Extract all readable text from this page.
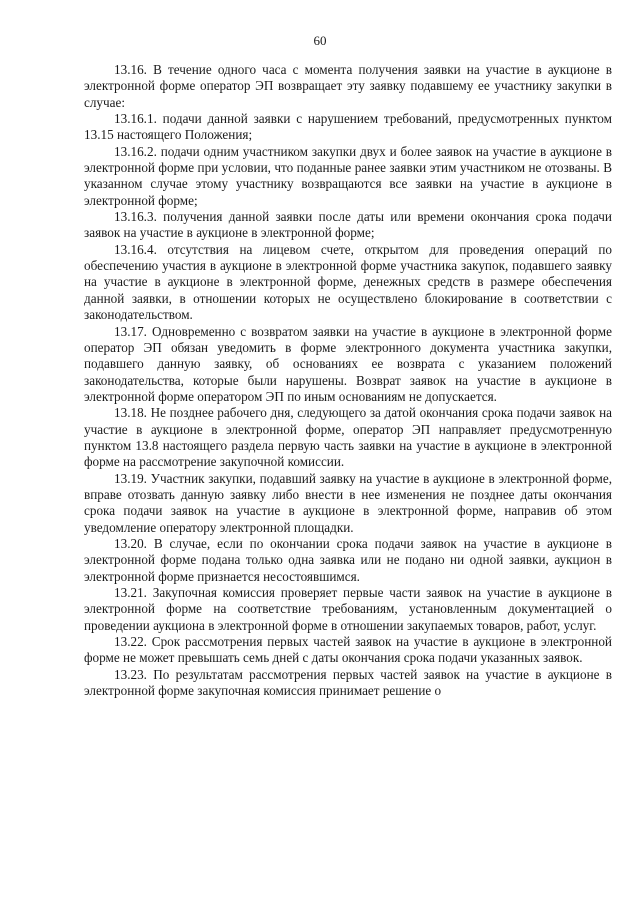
60

13.16. В течение одного часа с момента получения заявки на участие в аукционе в электронной форме оператор ЭП возвращает эту заявку подавшему ее участнику закупки в случае:

13.16.1. подачи данной заявки с нарушением требований, предусмотренных пунктом 13.15 настоящего Положения;

13.16.2. подачи одним участником закупки двух и более заявок на участие в аукционе в электронной форме при условии, что поданные ранее заявки этим участником не отозваны. В указанном случае этому участнику возвращаются все заявки на участие в аукционе в электронной форме;

13.16.3. получения данной заявки после даты или времени окончания срока подачи заявок на участие в аукционе в электронной форме;

13.16.4. отсутствия на лицевом счете, открытом для проведения операций по обеспечению участия в аукционе в электронной форме участника закупок, подавшего заявку на участие в аукционе в электронной форме, денежных средств в размере обеспечения данной заявки, в отношении которых не осуществлено блокирование в соответствии с законодательством.

13.17. Одновременно с возвратом заявки на участие в аукционе в электронной форме оператор ЭП обязан уведомить в форме электронного документа участника закупки, подавшего данную заявку, об основаниях ее возврата с указанием положений законодательства, которые были нарушены. Возврат заявок на участие в аукционе в электронной форме оператором ЭП по иным основаниям не допускается.

13.18. Не позднее рабочего дня, следующего за датой окончания срока подачи заявок на участие в аукционе в электронной форме, оператор ЭП направляет предусмотренную пунктом 13.8 настоящего раздела первую часть заявки на участие в аукционе в электронной форме на рассмотрение закупочной комиссии.

13.19. Участник закупки, подавший заявку на участие в аукционе в электронной форме, вправе отозвать данную заявку либо внести в нее изменения не позднее даты окончания срока подачи заявок на участие в аукционе в электронной форме, направив об этом уведомление оператору электронной площадки.

13.20. В случае, если по окончании срока подачи заявок на участие в аукционе в электронной форме подана только одна заявка или не подано ни одной заявки, аукцион в электронной форме признается несостоявшимся.

13.21. Закупочная комиссия проверяет первые части заявок на участие в аукционе в электронной форме на соответствие требованиям, установленным документацией о проведении аукциона в электронной форме в отношении закупаемых товаров, работ, услуг.

13.22. Срок рассмотрения первых частей заявок на участие в аукционе в электронной форме не может превышать семь дней с даты окончания срока подачи указанных заявок.

13.23. По результатам рассмотрения первых частей заявок на участие в аукционе в электронной форме закупочная комиссия принимает решение о
